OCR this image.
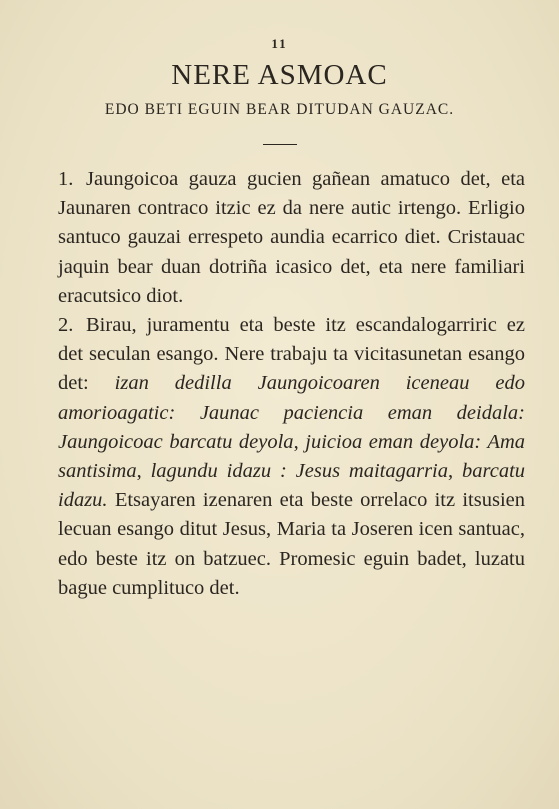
11
NERE ASMOAC
EDO BETI EGUIN BEAR DITUDAN GAUZAC.

1. Jaungoicoa gauza gucien gañean amatuco det, eta Jaunaren contraco itzic ez da nere autic irtengo. Erligio santuco gauzai errespeto aundia ecarrico diet. Cristauac jaquin bear duan dotriña icasico det, eta nere familiari eracutsico diot.

2. Birau, juramentu eta beste itz escandalogarriric ez det seculan esango. Nere trabaju ta vicitasunetan esango det: izan dedilla Jaungoicoaren iceneau edo amorioagatic: Jaunac paciencia eman deidala: Jaungoicoac barcatu deyola, juicioa eman deyola: Ama santisima, lagundu idazu : Jesus maitagarria, barcatu idazu. Etsayaren izenaren eta beste orrelaco itz itsusien lecuan esango ditut Jesus, Maria ta Joseren icen santuac, edo beste itz on batzuec. Promesic eguin badet, luzatu bague cumplituco det.
